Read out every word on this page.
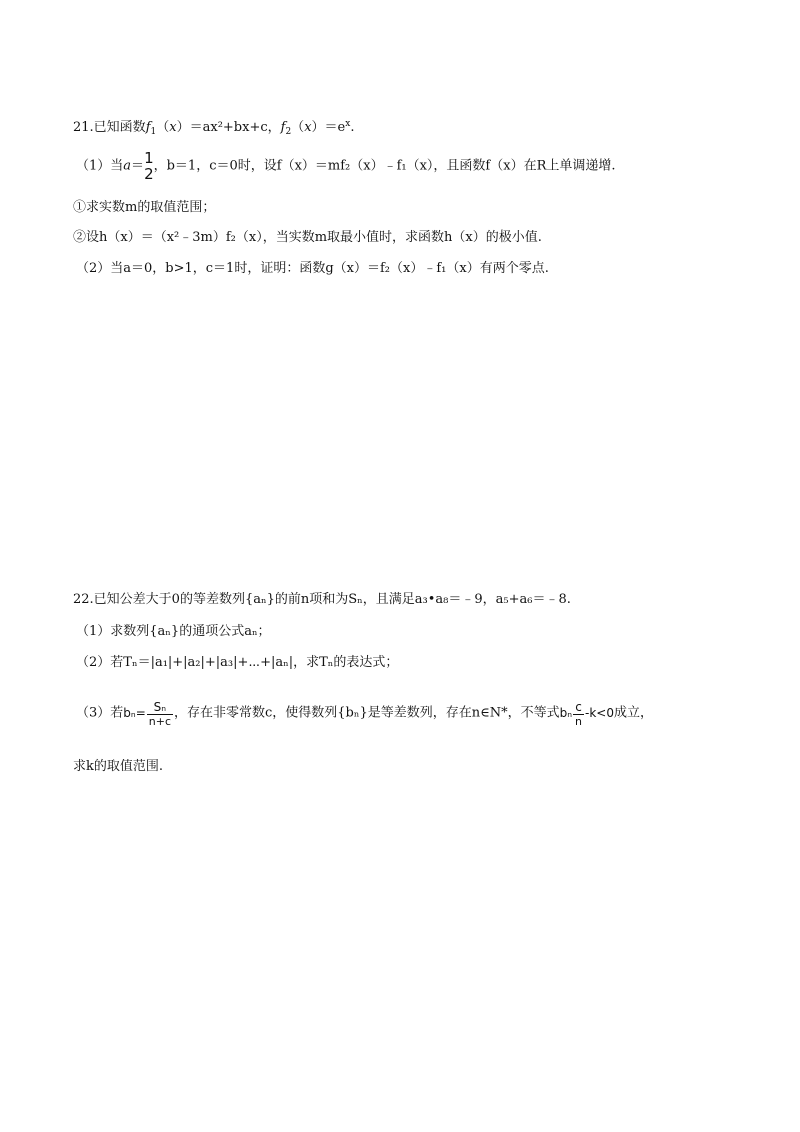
21.已知函数$f_1(x)=ax^2+bx+c$，$f_2(x)=e^x$.
（1）当a＝ 1
2 ，b＝1，c＝0时，设f（x）＝mf₂（x）﹣f₁（x），且函数f（x）在R上单调递增.
①求实数m的取值范围；
②设h（x）＝（x²﹣3m）f₂（x），当实数m取最小值时，求函数h（x）的极小值.
（2）当a＝0，b>1，c＝1时，证明：函数g（x）＝f₂（x）﹣f₁（x）有两个零点.
22.已知公差大于0的等差数列{aₙ}的前n项和为Sₙ，且满足a₃•a₈＝﹣9，a₅+a₆＝﹣8.
（1）求数列{aₙ}的通项公式aₙ；
（2）若Tₙ＝|a₁|+|a₂|+|a₃|+⋯+|aₙ|，求Tₙ的表达式；
（3）若$b_n= \frac{\text{Sₙ}}{n+c}$ ，存在非零常数c，使得数列{bₙ}是等差数列，存在n∈N*，不等式bₙ $\frac{c}{n} -k<0$成立，
求k的取值范围.
